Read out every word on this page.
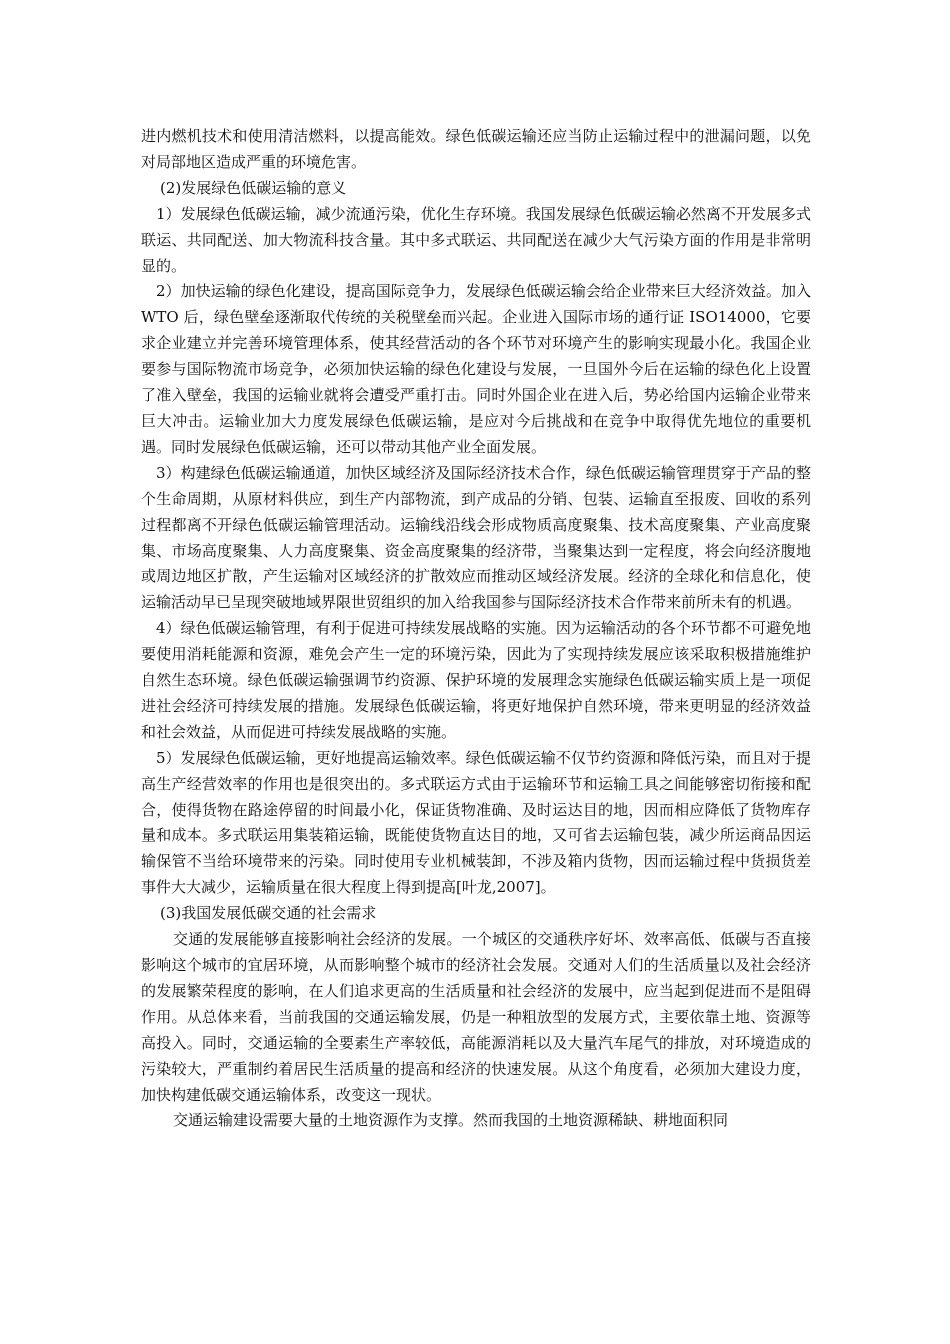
进内燃机技术和使用清洁燃料，以提高能效。绿色低碳运输还应当防止运输过程中的泄漏问题，以免对局部地区造成严重的环境危害。

(2)发展绿色低碳运输的意义

1）发展绿色低碳运输，减少流通污染，优化生存环境。我国发展绿色低碳运输必然离不开发展多式联运、共同配送、加大物流科技含量。其中多式联运、共同配送在减少大气污染方面的作用是非常明显的。

2）加快运输的绿色化建设，提高国际竞争力，发展绿色低碳运输会给企业带来巨大经济效益。加入 WTO 后，绿色壁垒逐渐取代传统的关税壁垒而兴起。企业进入国际市场的通行证 ISO14000，它要求企业建立并完善环境管理体系，使其经营活动的各个环节对环境产生的影响实现最小化。我国企业要参与国际物流市场竞争，必须加快运输的绿色化建设与发展，一旦国外今后在运输的绿色化上设置了准入壁垒，我国的运输业就将会遭受严重打击。同时外国企业在进入后，势必给国内运输企业带来巨大冲击。运输业加大力度发展绿色低碳运输，是应对今后挑战和在竞争中取得优先地位的重要机遇。同时发展绿色低碳运输，还可以带动其他产业全面发展。

3）构建绿色低碳运输通道，加快区域经济及国际经济技术合作，绿色低碳运输管理贯穿于产品的整个生命周期，从原材料供应，到生产内部物流，到产成品的分销、包装、运输直至报废、回收的系列过程都离不开绿色低碳运输管理活动。运输线沿线会形成物质高度聚集、技术高度聚集、产业高度聚集、市场高度聚集、人力高度聚集、资金高度聚集的经济带，当聚集达到一定程度，将会向经济腹地或周边地区扩散，产生运输对区域经济的扩散效应而推动区域经济发展。经济的全球化和信息化，使运输活动早已呈现突破地域界限世贸组织的加入给我国参与国际经济技术合作带来前所未有的机遇。

4）绿色低碳运输管理，有利于促进可持续发展战略的实施。因为运输活动的各个环节都不可避免地要使用消耗能源和资源，难免会产生一定的环境污染，因此为了实现持续发展应该采取积极措施维护自然生态环境。绿色低碳运输强调节约资源、保护环境的发展理念实施绿色低碳运输实质上是一项促进社会经济可持续发展的措施。发展绿色低碳运输，将更好地保护自然环境，带来更明显的经济效益和社会效益，从而促进可持续发展战略的实施。

5）发展绿色低碳运输，更好地提高运输效率。绿色低碳运输不仅节约资源和降低污染，而且对于提高生产经营效率的作用也是很突出的。多式联运方式由于运输环节和运输工具之间能够密切衔接和配合，使得货物在路途停留的时间最小化，保证货物准确、及时运达目的地，因而相应降低了货物库存量和成本。多式联运用集装箱运输，既能使货物直达目的地，又可省去运输包装，减少所运商品因运输保管不当给环境带来的污染。同时使用专业机械装卸，不涉及箱内货物，因而运输过程中货损货差事件大大减少，运输质量在很大程度上得到提高[叶龙,2007]。

(3)我国发展低碳交通的社会需求

交通的发展能够直接影响社会经济的发展。一个城区的交通秩序好坏、效率高低、低碳与否直接影响这个城市的宜居环境，从而影响整个城市的经济社会发展。交通对人们的生活质量以及社会经济的发展繁荣程度的影响，在人们追求更高的生活质量和社会经济的发展中，应当起到促进而不是阻碍作用。从总体来看，当前我国的交通运输发展，仍是一种粗放型的发展方式，主要依靠土地、资源等高投入。同时，交通运输的全要素生产率较低，高能源消耗以及大量汽车尾气的排放，对环境造成的污染较大，严重制约着居民生活质量的提高和经济的快速发展。从这个角度看，必须加大建设力度，加快构建低碳交通运输体系，改变这一现状。

交通运输建设需要大量的土地资源作为支撑。然而我国的土地资源稀缺、耕地面积同
